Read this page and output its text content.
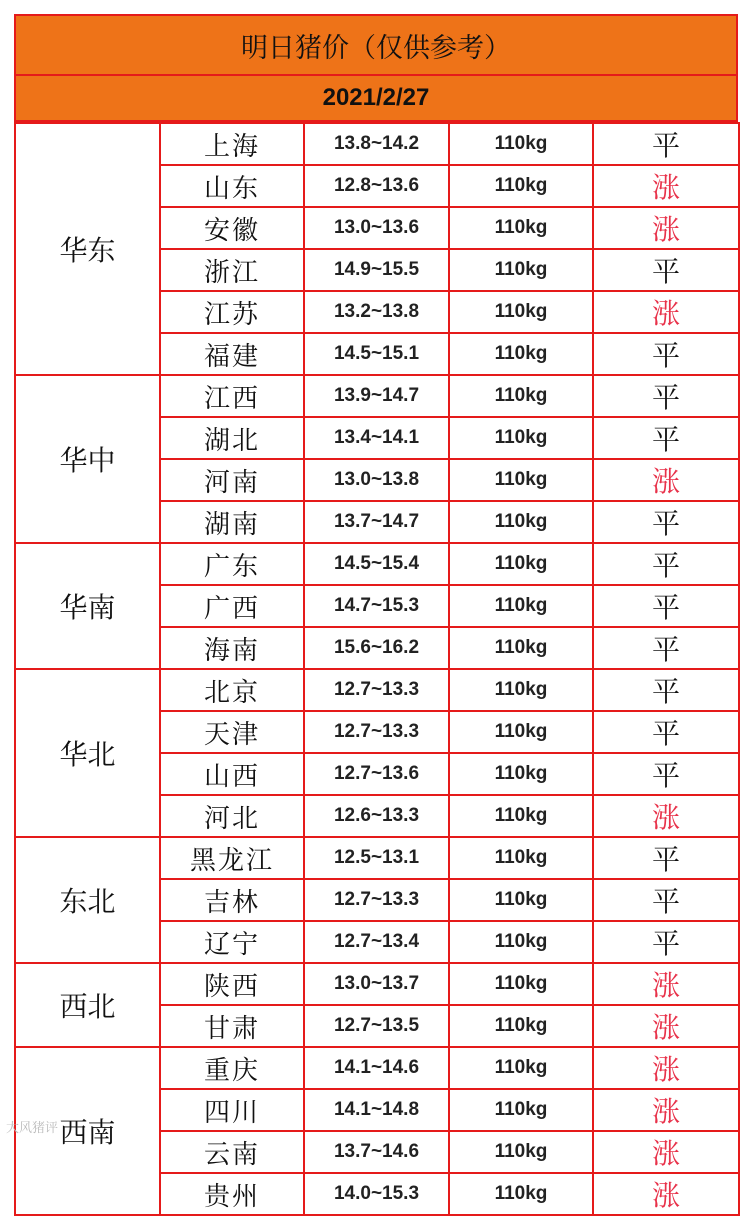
明日猪价（仅供参考）
2021/2/27
华东	上海	13.8~14.2	110kg	平
	山东	12.8~13.6	110kg	涨
	安徽	13.0~13.6	110kg	涨
	浙江	14.9~15.5	110kg	平
	江苏	13.2~13.8	110kg	涨
	福建	14.5~15.1	110kg	平
华中	江西	13.9~14.7	110kg	平
	湖北	13.4~14.1	110kg	平
	河南	13.0~13.8	110kg	涨
	湖南	13.7~14.7	110kg	平
华南	广东	14.5~15.4	110kg	平
	广西	14.7~15.3	110kg	平
	海南	15.6~16.2	110kg	平
华北	北京	12.7~13.3	110kg	平
	天津	12.7~13.3	110kg	平
	山西	12.7~13.6	110kg	平
	河北	12.6~13.3	110kg	涨
东北	黑龙江	12.5~13.1	110kg	平
	吉林	12.7~13.3	110kg	平
	辽宁	12.7~13.4	110kg	平
西北	陕西	13.0~13.7	110kg	涨
	甘肃	12.7~13.5	110kg	涨
西南	重庆	14.1~14.6	110kg	涨
	四川	14.1~14.8	110kg	涨
	云南	13.7~14.6	110kg	涨
	贵州	14.0~15.3	110kg	涨
大风猪评
